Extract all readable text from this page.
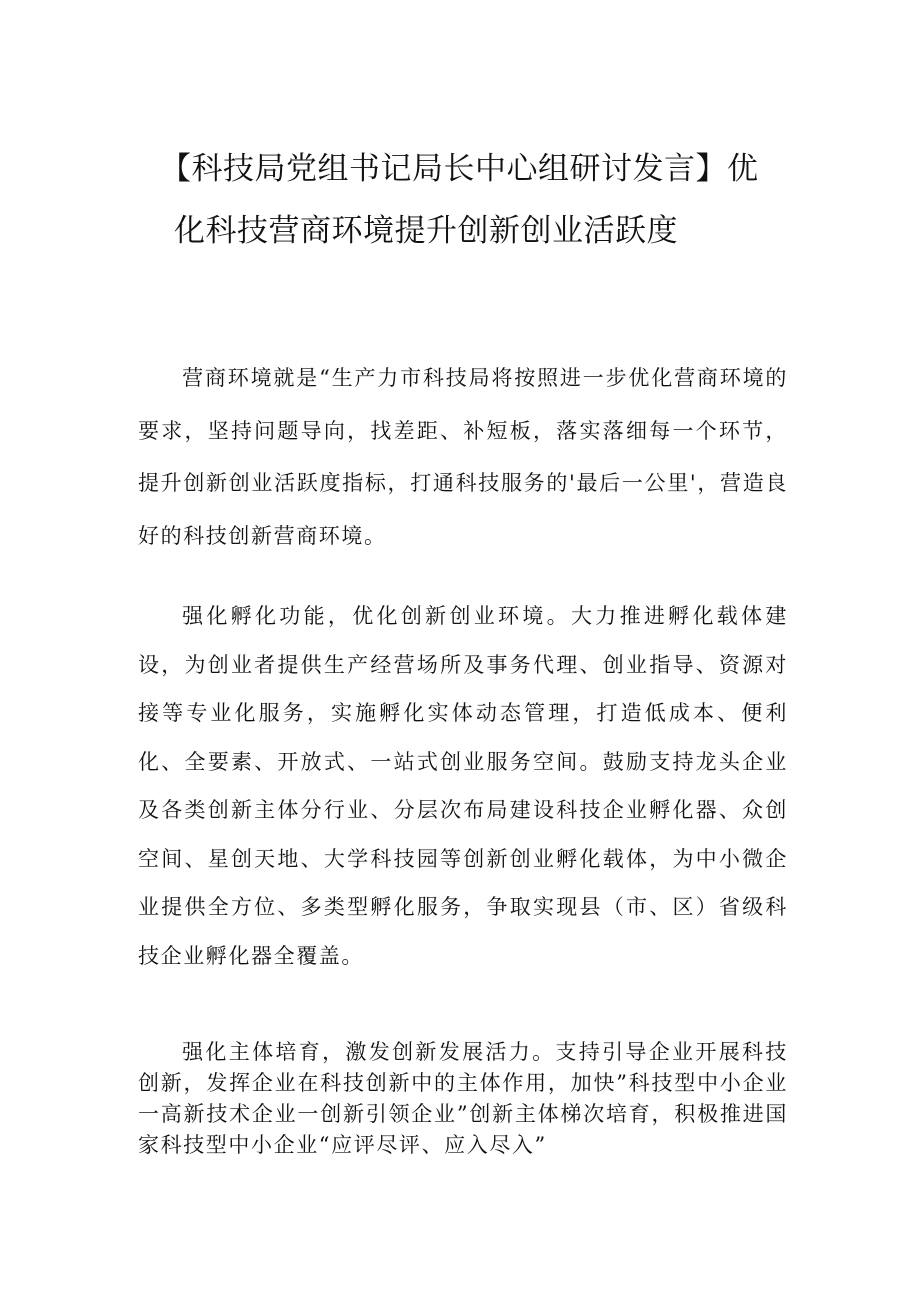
【科技局党组书记局长中心组研讨发言】优
化科技营商环境提升创新创业活跃度

营商环境就是“生产力市科技局将按照进一步优化营商环境的要求，坚持问题导向，找差距、补短板，落实落细每一个环节，提升创新创业活跃度指标，打通科技服务的'最后一公里'，营造良好的科技创新营商环境。

强化孵化功能，优化创新创业环境。大力推进孵化载体建设，为创业者提供生产经营场所及事务代理、创业指导、资源对接等专业化服务，实施孵化实体动态管理，打造低成本、便利化、全要素、开放式、一站式创业服务空间。鼓励支持龙头企业及各类创新主体分行业、分层次布局建设科技企业孵化器、众创空间、星创天地、大学科技园等创新创业孵化载体，为中小微企业提供全方位、多类型孵化服务，争取实现县（市、区）省级科技企业孵化器全覆盖。

强化主体培育，激发创新发展活力。支持引导企业开展科技创新，发挥企业在科技创新中的主体作用，加快”科技型中小企业一高新技术企业一创新引领企业”创新主体梯次培育，积极推进国家科技型中小企业“应评尽评、应入尽入”
